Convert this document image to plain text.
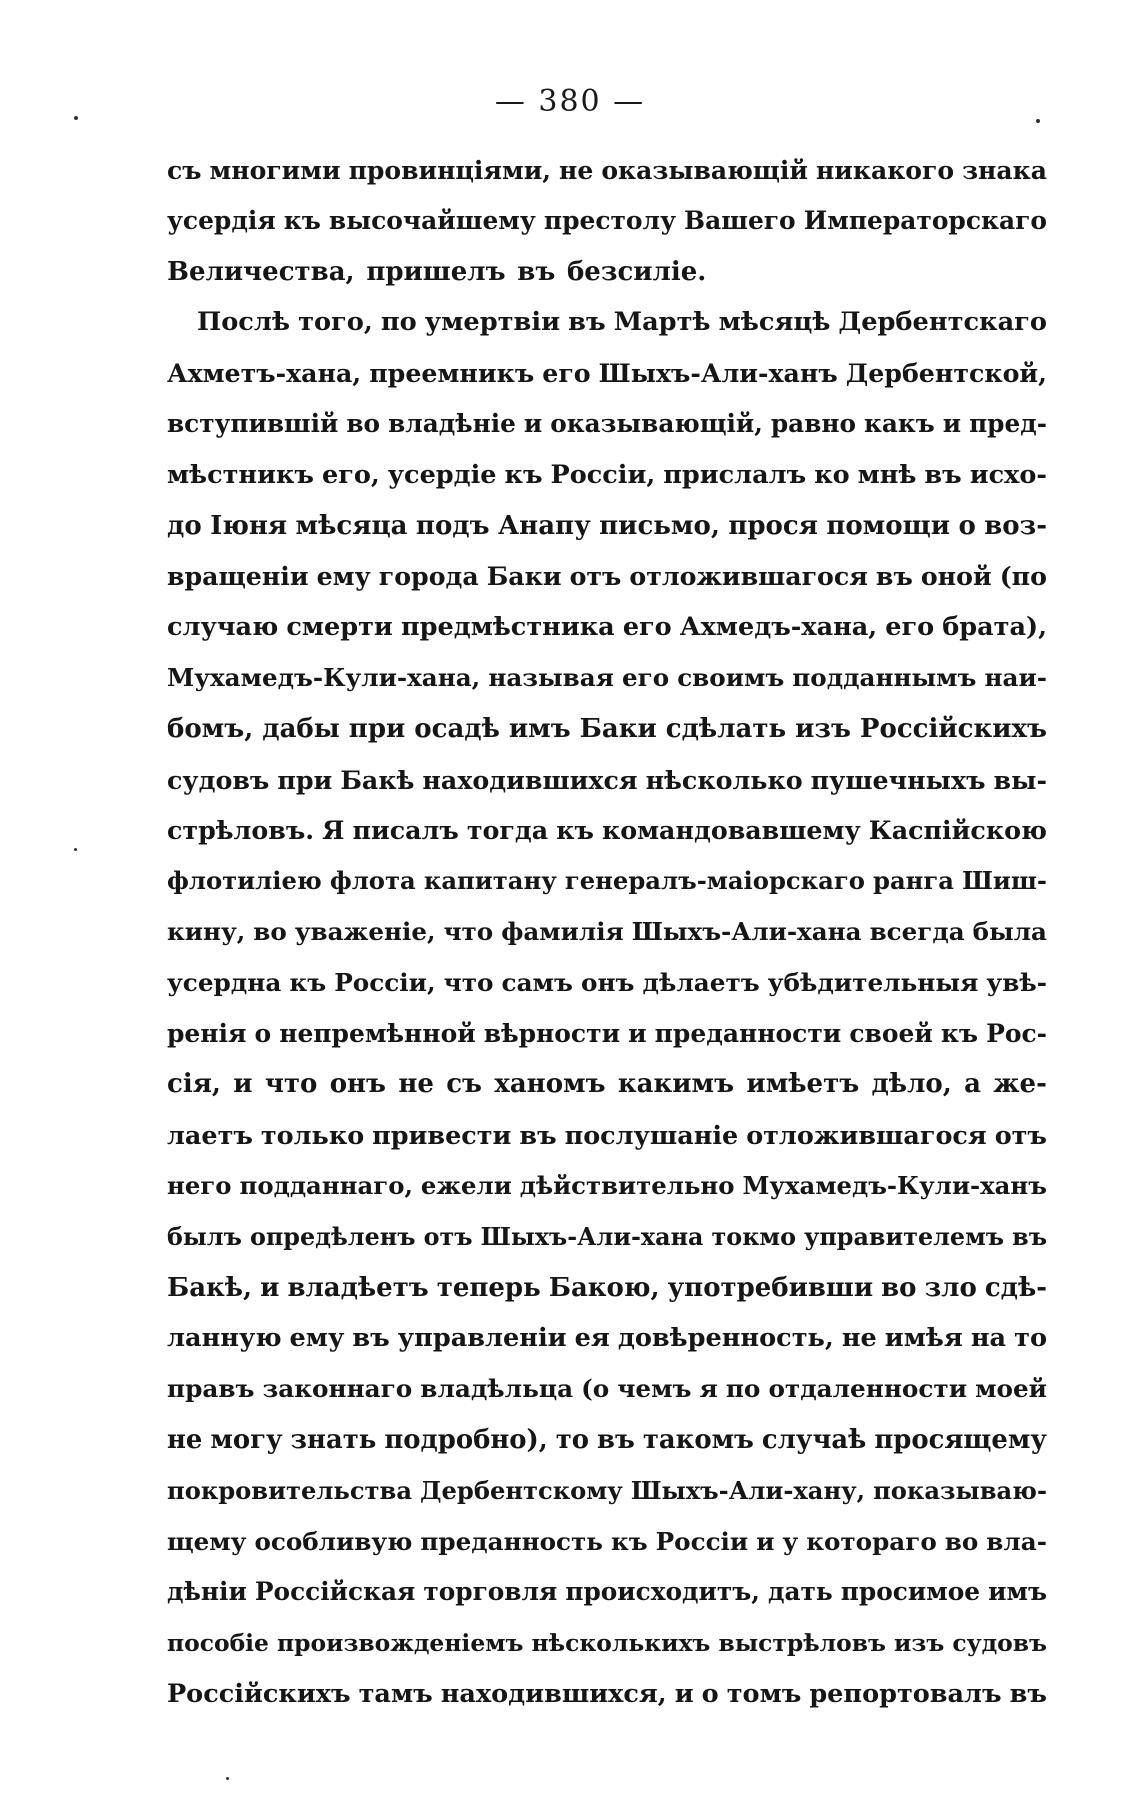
— 380 —
съ многими провинціями, не оказывающій никакого знака
усердія къ высочайшему престолу Вашего Императорскаго
Величества, пришелъ въ безсиліе.
Послѣ того, по умертвіи въ Мартѣ мѣсяцѣ Дербентскаго
Ахметъ-хана, преемникъ его Шыхъ-Али-ханъ Дербентской,
вступившій во владѣніе и оказывающій, равно какъ и пред-
мѣстникъ его, усердіе къ Россіи, прислалъ ко мнѣ въ исхо-
до Іюня мѣсяца подъ Анапу письмо, прося помощи о воз-
вращеніи ему города Баки отъ отложившагося въ оной (по
случаю смерти предмѣстника его Ахмедъ-хана, его брата),
Мухамедъ-Кули-хана, называя его своимъ подданнымъ наи-
бомъ, дабы при осадѣ имъ Баки сдѣлать изъ Россійскихъ
судовъ при Бакѣ находившихся нѣсколько пушечныхъ вы-
стрѣловъ. Я писалъ тогда къ командовавшему Каспійскою
флотиліею флота капитану генералъ-маіорскаго ранга Шиш-
кину, во уваженіе, что фамилія Шыхъ-Али-хана всегда была
усердна къ Россіи, что самъ онъ дѣлаетъ убѣдительныя увѣ-
ренія о непремѣнной вѣрности и преданности своей къ Рос-
сія, и что онъ не съ ханомъ какимъ имѣетъ дѣло, а же-
лаетъ только привести въ послушаніе отложившагося отъ
него подданнаго, ежели дѣйствительно Мухамедъ-Кули-ханъ
былъ опредѣленъ отъ Шыхъ-Али-хана токмо управителемъ въ
Бакѣ, и владѣетъ теперь Бакою, употребивши во зло сдѣ-
ланную ему въ управленіи ея довѣренность, не имѣя на то
правъ законнаго владѣльца (о чемъ я по отдаленности моей
не могу знать подробно), то въ такомъ случаѣ просящему
покровительства Дербентскому Шыхъ-Али-хану, показываю-
щему особливую преданность къ Россіи и у котораго во вла-
дѣніи Россійская торговля происходитъ, дать просимое имъ
пособіе произвожденіемъ нѣсколькихъ выстрѣловъ изъ судовъ
Россійскихъ тамъ находившихся, и о томъ репортовалъ въ
